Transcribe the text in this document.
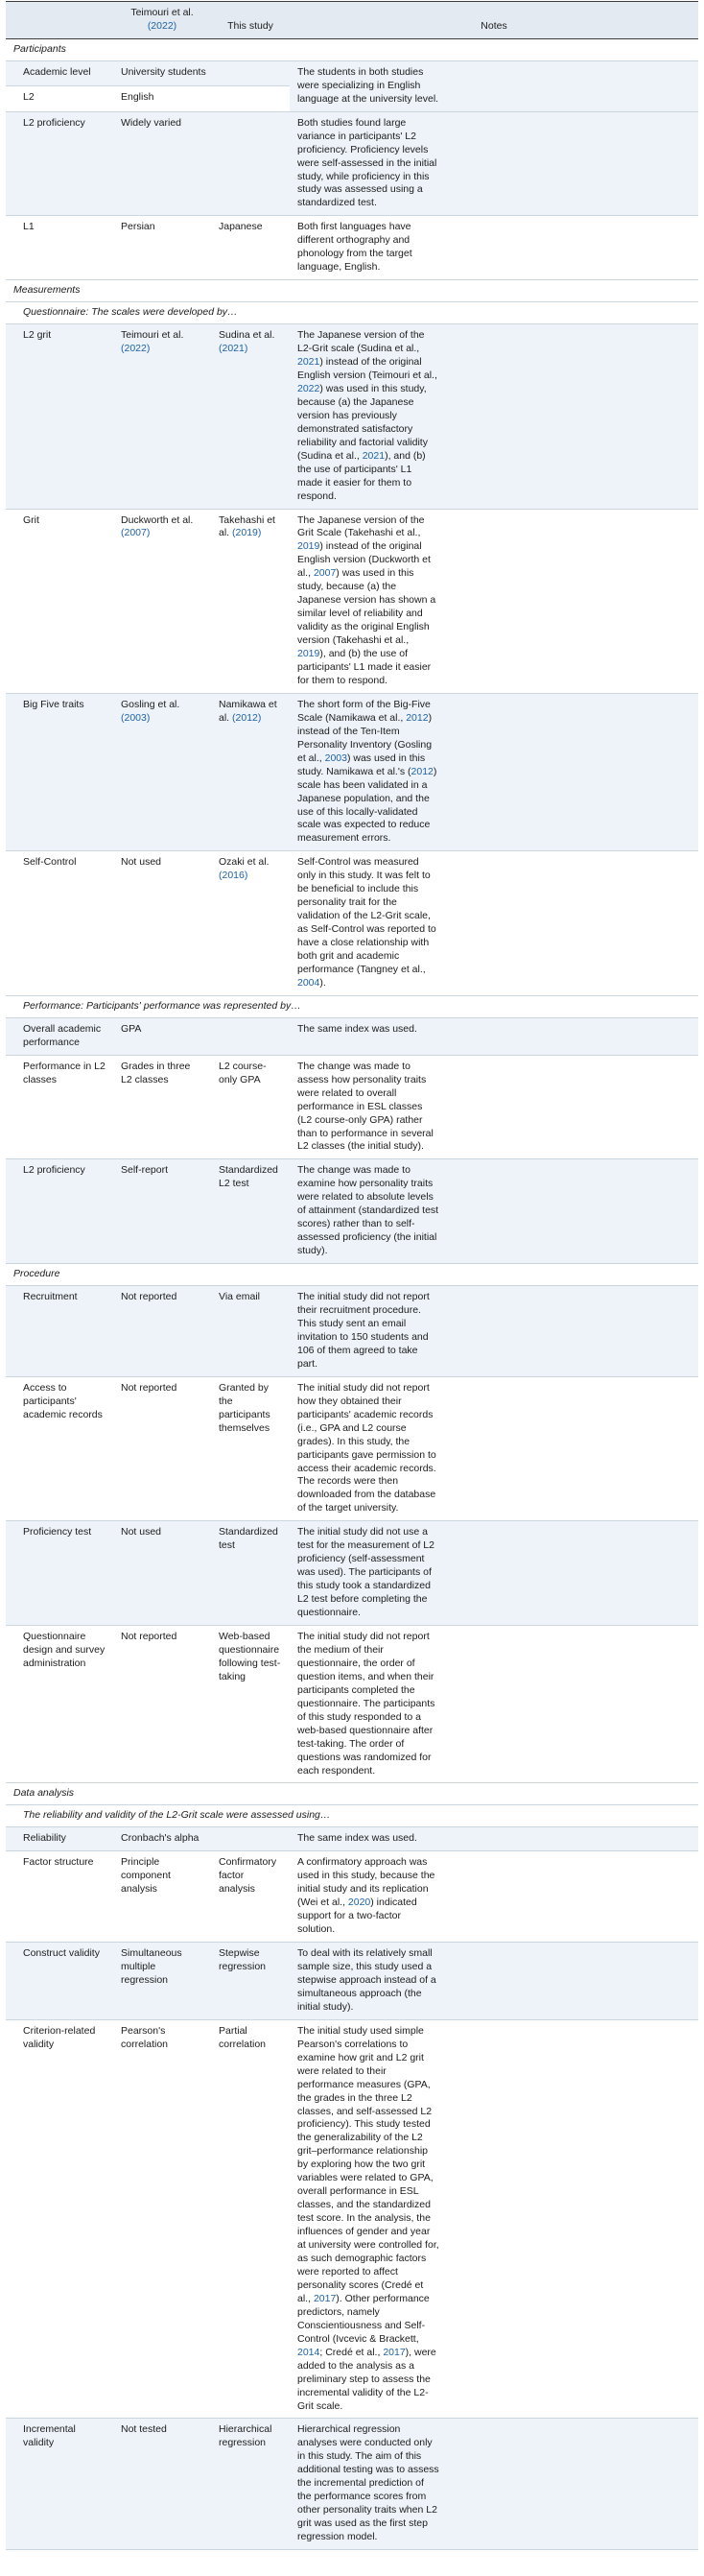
	Teimouri et al. (2022)	This study	Notes
Participants			
Academic level	University students		The students in both studies were specializing in English language at the university level.

L2	English		
L2 proficiency	Widely varied		Both studies found large variance in participants' L2 proficiency. Proficiency levels were self-assessed in the initial study, while proficiency in this study was assessed using a standardized test.

L1	Persian	Japanese	Both first languages have different orthography and phonology from the target language, English.

Measurements			
Questionnaire: The scales were developed by…			
L2 grit	Teimouri et al. (2022)	Sudina et al. (2021)	The Japanese version of the L2-Grit scale (Sudina et al., 2021) instead of the original English version (Teimouri et al., 2022) was used in this study, because (a) the Japanese version has previously demonstrated satisfactory reliability and factorial validity (Sudina et al., 2021), and (b) the use of participants' L1 made it easier for them to respond.

Grit	Duckworth et al. (2007)	Takehashi et al. (2019)	The Japanese version of the Grit Scale (Takehashi et al., 2019) instead of the original English version (Duckworth et al., 2007) was used in this study, because (a) the Japanese version has shown a similar level of reliability and validity as the original English version (Takehashi et al., 2019), and (b) the use of participants' L1 made it easier for them to respond.

Big Five traits	Gosling et al. (2003)	Namikawa et al. (2012)	The short form of the Big-Five Scale (Namikawa et al., 2012) instead of the Ten-Item Personality Inventory (Gosling et al., 2003) was used in this study. Namikawa et al.'s (2012) scale has been validated in a Japanese population, and the use of this locally-validated scale was expected to reduce measurement errors.

Self-Control	Not used	Ozaki et al. (2016)	Self-Control was measured only in this study. It was felt to be beneficial to include this personality trait for the validation of the L2-Grit scale, as Self-Control was reported to have a close relationship with both grit and academic performance (Tangney et al., 2004).

Performance: Participants' performance was represented by…			
Overall academic performance	GPA		The same index was used.

Performance in L2 classes	Grades in three L2 classes	L2 course-only GPA	The change was made to assess how personality traits were related to overall performance in ESL classes (L2 course-only GPA) rather than to performance in several L2 classes (the initial study).

L2 proficiency	Self-report	Standardized L2 test	The change was made to examine how personality traits were related to absolute levels of attainment (standardized test scores) rather than to self-assessed proficiency (the initial study).

Procedure			
Recruitment	Not reported	Via email	The initial study did not report their recruitment procedure. This study sent an email invitation to 150 students and 106 of them agreed to take part.

Access to participants' academic records	Not reported	Granted by the participants themselves	The initial study did not report how they obtained their participants' academic records (i.e., GPA and L2 course grades). In this study, the participants gave permission to access their academic records. The records were then downloaded from the database of the target university.

Proficiency test	Not used	Standardized test	The initial study did not use a test for the measurement of L2 proficiency (self-assessment was used). The participants of this study took a standardized L2 test before completing the questionnaire.

Questionnaire design and survey administration	Not reported	Web-based questionnaire following test-taking	The initial study did not report the medium of their questionnaire, the order of question items, and when their participants completed the questionnaire. The participants of this study responded to a web-based questionnaire after test-taking. The order of questions was randomized for each respondent.

Data analysis			
The reliability and validity of the L2-Grit scale were assessed using…			
Reliability	Cronbach's alpha		The same index was used.

Factor structure	Principle component analysis	Confirmatory factor analysis	A confirmatory approach was used in this study, because the initial study and its replication (Wei et al., 2020) indicated support for a two-factor solution.

Construct validity	Simultaneous multiple regression	Stepwise regression	To deal with its relatively small sample size, this study used a stepwise approach instead of a simultaneous approach (the initial study).

Criterion-related validity	Pearson's correlation	Partial correlation	The initial study used simple Pearson's correlations to examine how grit and L2 grit were related to their performance measures (GPA, the grades in the three L2 classes, and self-assessed L2 proficiency). This study tested the generalizability of the L2 grit–performance relationship by exploring how the two grit variables were related to GPA, overall performance in ESL classes, and the standardized test score. In the analysis, the influences of gender and year at university were controlled for, as such demographic factors were reported to affect personality scores (Credé et al., 2017). Other performance predictors, namely Conscientiousness and Self-Control (Ivcevic & Brackett, 2014; Credé et al., 2017), were added to the analysis as a preliminary step to assess the incremental validity of the L2-Grit scale.

Incremental validity	Not tested	Hierarchical regression	Hierarchical regression analyses were conducted only in this study. The aim of this additional testing was to assess the incremental prediction of the performance scores from other personality traits when L2 grit was used as the first step regression model.
